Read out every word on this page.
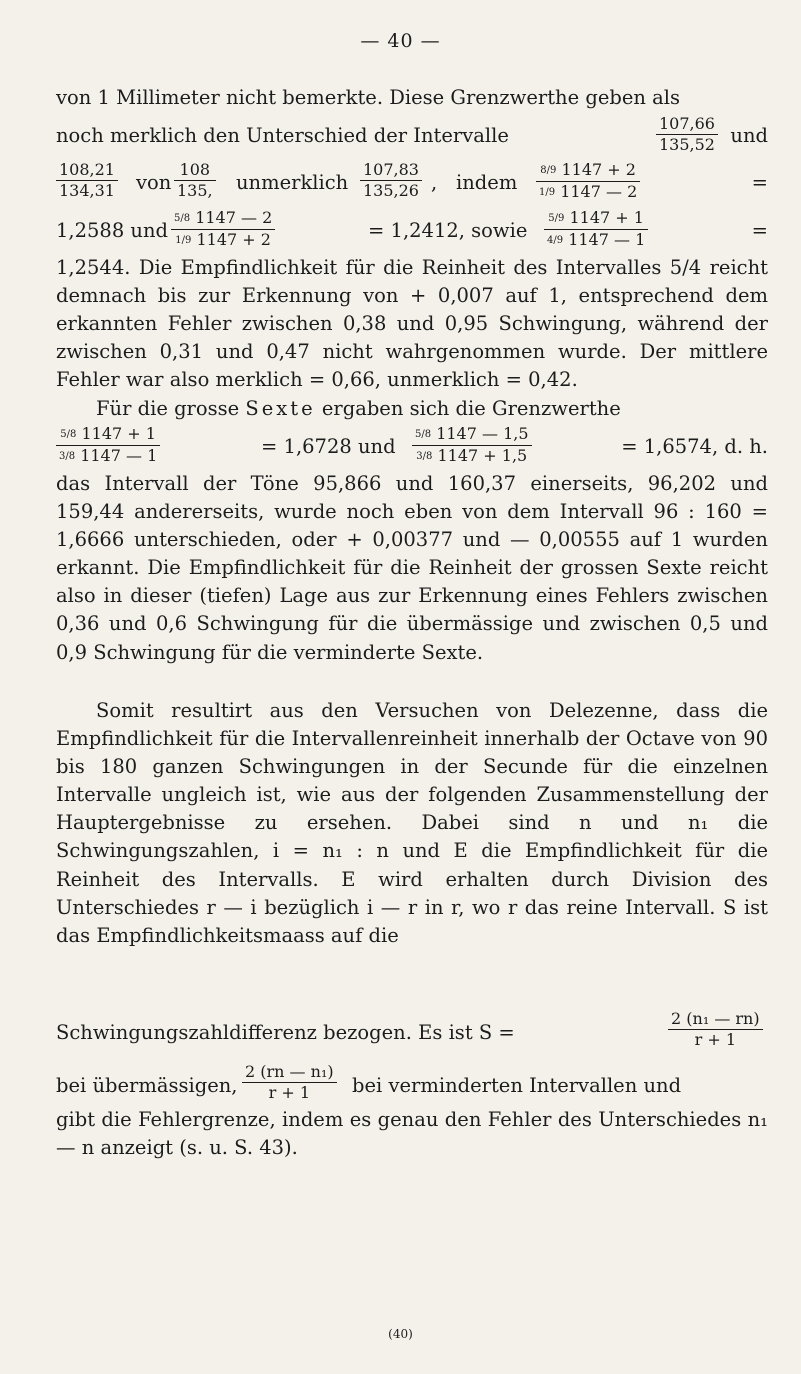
— 40 —
von 1 Millimeter nicht bemerkte. Diese Grenzwerthe geben als
noch merklich den Unterschied der Intervalle	$\frac{107,66}{135,52}$ und
$\frac{108,21}{134,31}$ von $\frac{108}{135,}$ unmerklich $\frac{107,83}{135,26}$ , indem $\frac{8/9 1147 + 2}{1/9 1147 — 2}$	=
1,2588 und $\frac{5/8 1147 — 2}{1/9 1147 + 2}$	= 1,2412, sowie $\frac{5/9 1147 + 1}{4/9 1147 — 1}$	=
1,2544. Die Empfindlichkeit für die Reinheit des Intervalles 5/4 reicht demnach bis zur Erkennung von + 0,007 auf 1, entsprechend dem erkannten Fehler zwischen 0,38 und 0,95 Schwingung, während der zwischen 0,31 und 0,47 nicht wahrgenommen wurde. Der mittlere Fehler war also merklich = 0,66, unmerklich = 0,42.
Für die grosse Sexte ergaben sich die Grenzwerthe
$\frac{5/8 1147 + 1}{3/8 1147 — 1}$	= 1,6728 und $\frac{5/8 1147 — 1,5}{3/8 1147 + 1,5}$	= 1,6574, d. h.
das Intervall der Töne 95,866 und 160,37 einerseits, 96,202 und 159,44 andererseits, wurde noch eben von dem Intervall 96 : 160 = 1,6666 unterschieden, oder + 0,00377 und — 0,00555 auf 1 wurden erkannt. Die Empfindlichkeit für die Reinheit der grossen Sexte reicht also in dieser (tiefen) Lage aus zur Erkennung eines Fehlers zwischen 0,36 und 0,6 Schwingung für die übermässige und zwischen 0,5 und 0,9 Schwingung für die verminderte Sexte.
Somit resultirt aus den Versuchen von Delezenne, dass die Empfindlichkeit für die Intervallenreinheit innerhalb der Octave von 90 bis 180 ganzen Schwingungen in der Secunde für die einzelnen Intervalle ungleich ist, wie aus der folgenden Zusammenstellung der Hauptergebnisse zu ersehen. Dabei sind n und n₁ die Schwingungszahlen, i = n₁ : n und E die Empfindlichkeit für die Reinheit des Intervalls. E wird erhalten durch Division des Unterschiedes r — i bezüglich i — r in r, wo r das reine Intervall. S ist das Empfindlichkeitsmaass auf die
Schwingungszahldifferenz bezogen. Es ist S =	$\frac{\text{2 (n₁ — rn)}}{r + 1}$
bei übermässigen, $\frac{\text{2 (rn — n₁)}}{r + 1}$ bei verminderten Intervallen und
gibt die Fehlergrenze, indem es genau den Fehler des Unterschiedes n₁ — n anzeigt (s. u. S. 43).
(40)
